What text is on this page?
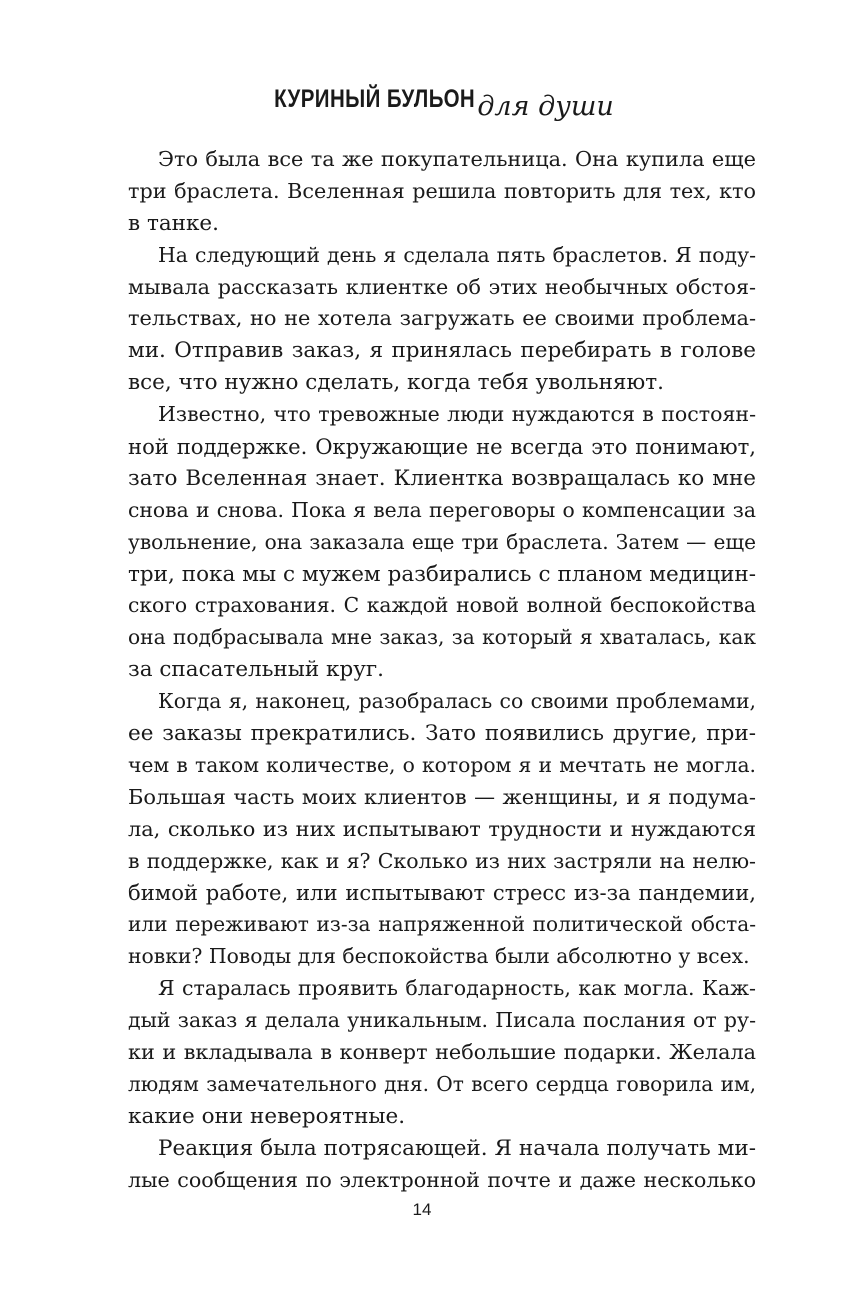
КУРИНЫЙ БУЛЬОНдля души
Это была все та же покупательница. Она купила еще
три браслета. Вселенная решила повторить для тех, кто
в танке.
На следующий день я сделала пять браслетов. Я поду-
мывала рассказать клиентке об этих необычных обстоя-
тельствах, но не хотела загружать ее своими проблема-
ми. Отправив заказ, я принялась перебирать в голове
все, что нужно сделать, когда тебя увольняют.
Известно, что тревожные люди нуждаются в постоян-
ной поддержке. Окружающие не всегда это понимают,
зато Вселенная знает. Клиентка возвращалась ко мне
снова и снова. Пока я вела переговоры о компенсации за
увольнение, она заказала еще три браслета. Затем — еще
три, пока мы с мужем разбирались с планом медицин-
ского страхования. С каждой новой волной беспокойства
она подбрасывала мне заказ, за который я хваталась, как
за спасательный круг.
Когда я, наконец, разобралась со своими проблемами,
ее заказы прекратились. Зато появились другие, при-
чем в таком количестве, о котором я и мечтать не могла.
Большая часть моих клиентов — женщины, и я подума-
ла, сколько из них испытывают трудности и нуждаются
в поддержке, как и я? Сколько из них застряли на нелю-
бимой работе, или испытывают стресс из-за пандемии,
или переживают из-за напряженной политической обста-
новки? Поводы для беспокойства были абсолютно у всех.
Я старалась проявить благодарность, как могла. Каж-
дый заказ я делала уникальным. Писала послания от ру-
ки и вкладывала в конверт небольшие подарки. Желала
людям замечательного дня. От всего сердца говорила им,
какие они невероятные.
Реакция была потрясающей. Я начала получать ми-
лые сообщения по электронной почте и даже несколько
14
